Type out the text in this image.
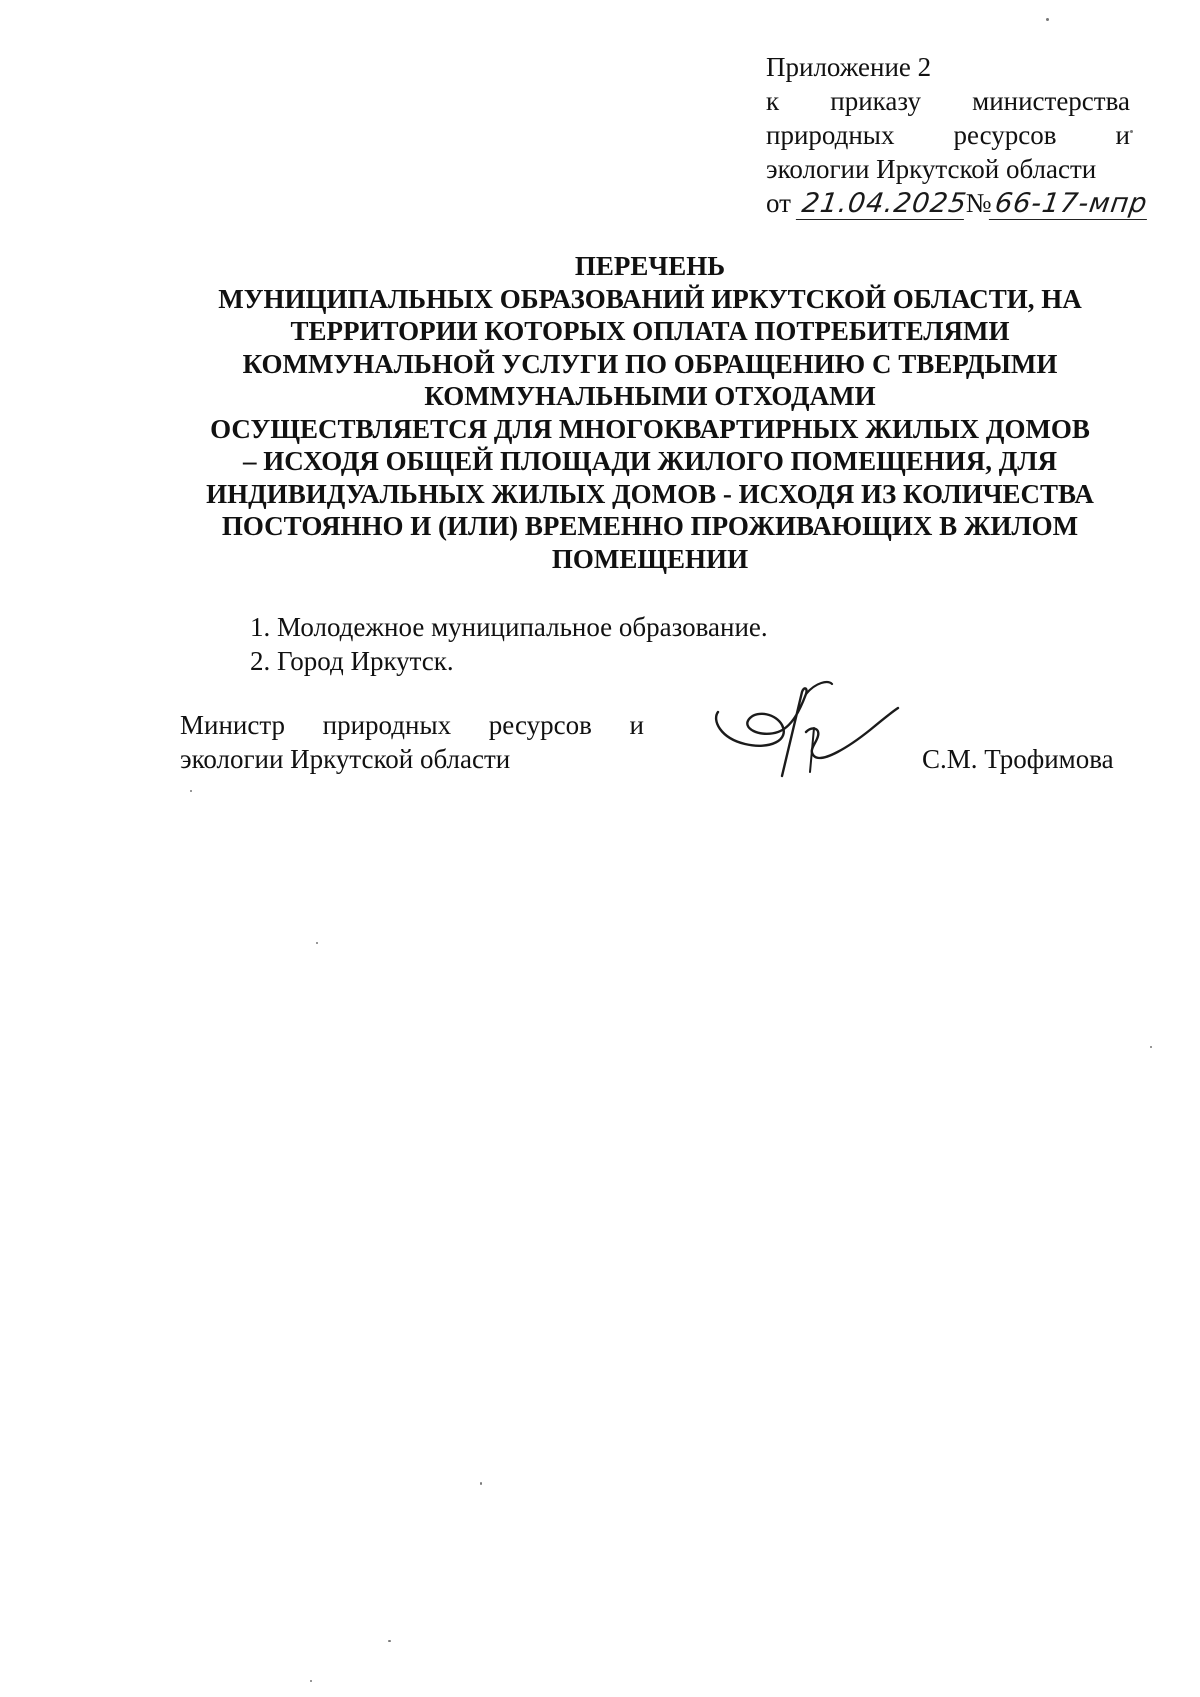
Приложение 2
к приказу министерства
природных ресурсов и
экологии Иркутской области
от
21.04.2025
№ 66-17-мпр
ПЕРЕЧЕНЬ
МУНИЦИПАЛЬНЫХ ОБРАЗОВАНИЙ ИРКУТСКОЙ ОБЛАСТИ, НА
ТЕРРИТОРИИ КОТОРЫХ ОПЛАТА ПОТРЕБИТЕЛЯМИ
КОММУНАЛЬНОЙ УСЛУГИ ПО ОБРАЩЕНИЮ С ТВЕРДЫМИ
КОММУНАЛЬНЫМИ ОТХОДАМИ
ОСУЩЕСТВЛЯЕТСЯ ДЛЯ МНОГОКВАРТИРНЫХ ЖИЛЫХ ДОМОВ
– ИСХОДЯ ОБЩЕЙ ПЛОЩАДИ ЖИЛОГО ПОМЕЩЕНИЯ, ДЛЯ
ИНДИВИДУАЛЬНЫХ ЖИЛЫХ ДОМОВ - ИСХОДЯ ИЗ КОЛИЧЕСТВА
ПОСТОЯННО И (ИЛИ) ВРЕМЕННО ПРОЖИВАЮЩИХ В ЖИЛОМ
ПОМЕЩЕНИИ
1. Молодежное муниципальное образование.
2. Город Иркутск.
Министр природных ресурсов и
экологии Иркутской области	С.М. Трофимова
